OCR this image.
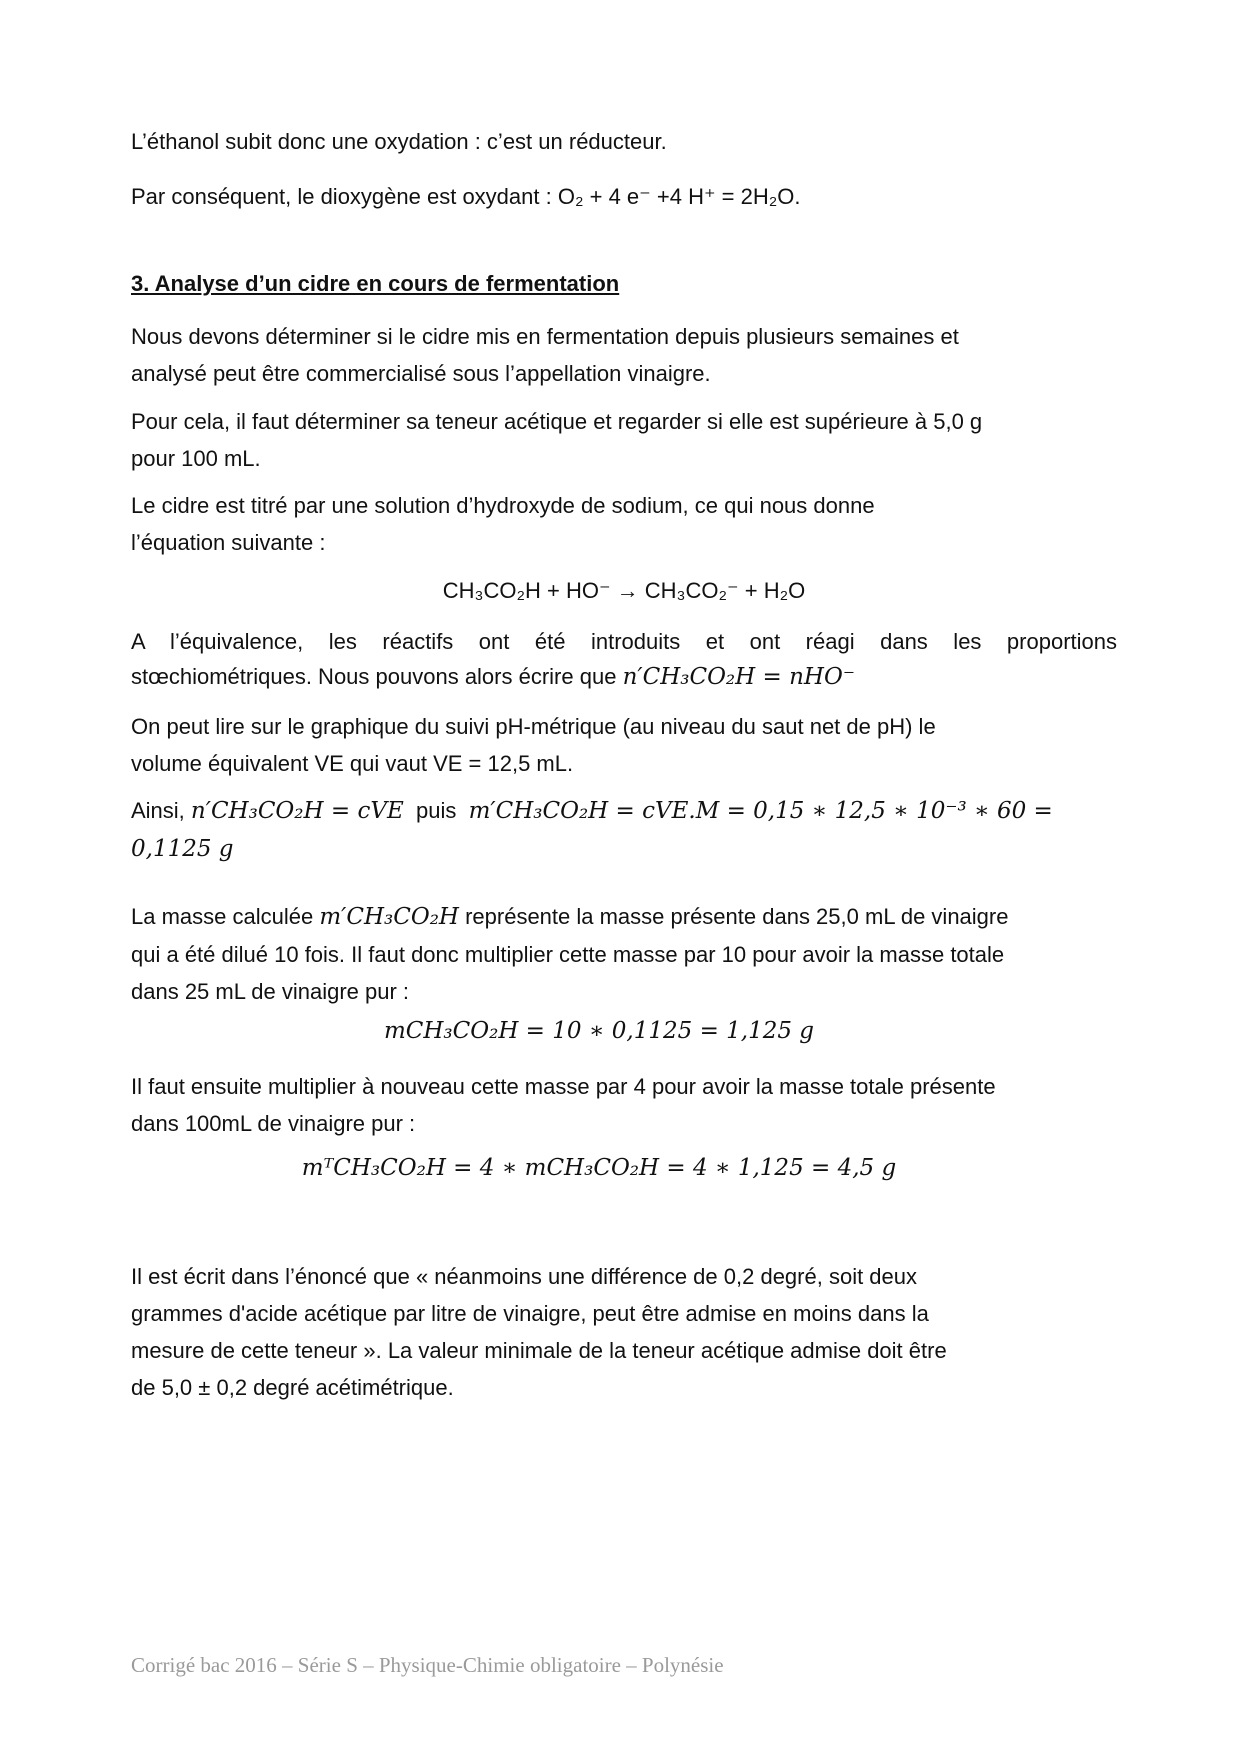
L’éthanol subit donc une oxydation : c’est un réducteur.

Par conséquent, le dioxygène est oxydant : O₂ + 4 e⁻ +4 H⁺ = 2H₂O.

3. Analyse d’un cidre en cours de fermentation

Nous devons déterminer si le cidre mis en fermentation depuis plusieurs semaines et analysé peut être commercialisé sous l’appellation vinaigre.

Pour cela, il faut déterminer sa teneur acétique et regarder si elle est supérieure à 5,0 g pour 100 mL.

Le cidre est titré par une solution d’hydroxyde de sodium, ce qui nous donne l’équation suivante :

CH₃CO₂H + HO⁻ → CH₃CO₂⁻ + H₂O

A l’équivalence, les réactifs ont été introduits et ont réagi dans les proportions

stœchiométriques. Nous pouvons alors écrire que n′CH₃CO₂H = nHO⁻

On peut lire sur le graphique du suivi pH-métrique (au niveau du saut net de pH) le volume équivalent VE qui vaut VE = 12,5 mL.

Ainsi, n′CH₃CO₂H = cVE puis m′CH₃CO₂H = cVE.M = 0,15 ∗ 12,5 ∗ 10⁻³ ∗ 60 = 0,1125 g

La masse calculée m′CH₃CO₂H représente la masse présente dans 25,0 mL de vinaigre qui a été dilué 10 fois. Il faut donc multiplier cette masse par 10 pour avoir la masse totale dans 25 mL de vinaigre pur :

mCH₃CO₂H = 10 ∗ 0,1125 = 1,125 g

Il faut ensuite multiplier à nouveau cette masse par 4 pour avoir la masse totale présente dans 100mL de vinaigre pur :

mᵀCH₃CO₂H = 4 ∗ mCH₃CO₂H = 4 ∗ 1,125 = 4,5 g

Il est écrit dans l’énoncé que « néanmoins une différence de 0,2 degré, soit deux grammes d'acide acétique par litre de vinaigre, peut être admise en moins dans la mesure de cette teneur ». La valeur minimale de la teneur acétique admise doit être de 5,0 ± 0,2 degré acétimétrique.

Corrigé bac 2016 – Série S – Physique-Chimie obligatoire – Polynésie
